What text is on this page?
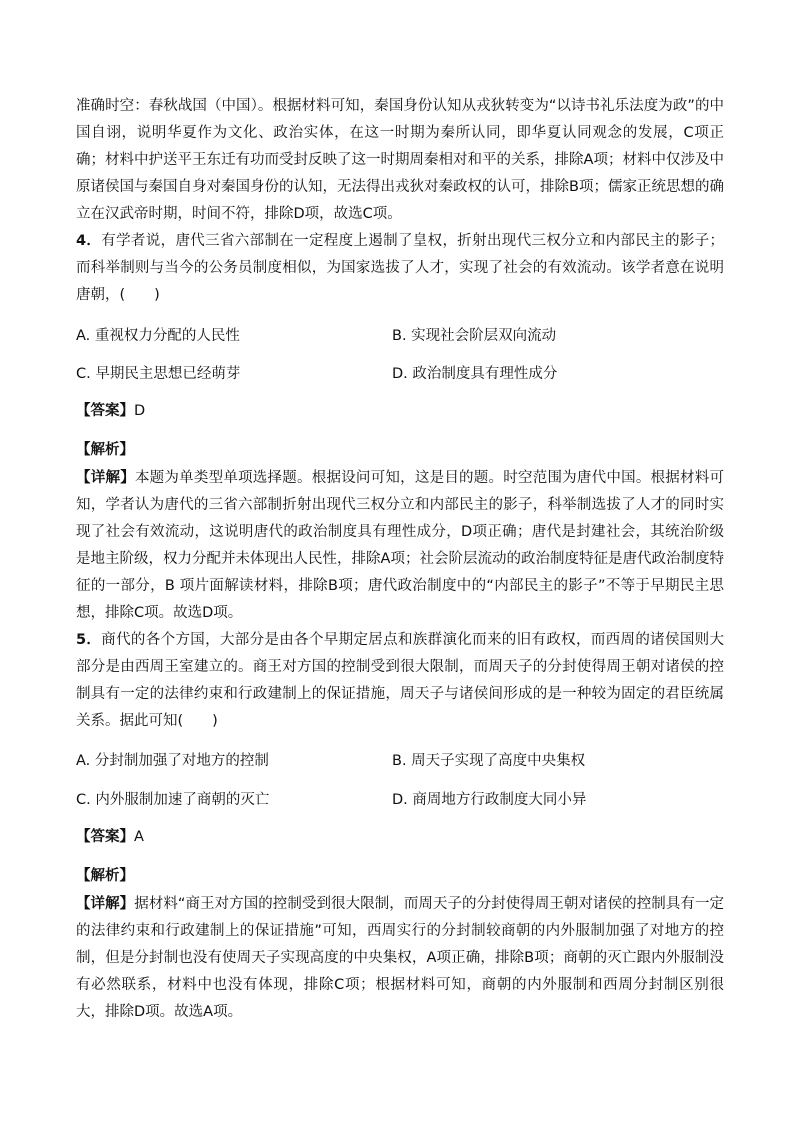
准确时空：春秋战国（中国）。根据材料可知，秦国身份认知从戎狄转变为“以诗书礼乐法度为政”的中国自诩，说明华夏作为文化、政治实体，在这一时期为秦所认同，即华夏认同观念的发展，C项正确；材料中护送平王东迁有功而受封反映了这一时期周秦相对和平的关系，排除A项；材料中仅涉及中原诸侯国与秦国自身对秦国身份的认知，无法得出戎狄对秦政权的认可，排除B项；儒家正统思想的确立在汉武帝时期，时间不符，排除D项，故选C项。

4．有学者说，唐代三省六部制在一定程度上遏制了皇权，折射出现代三权分立和内部民主的影子；而科举制则与当今的公务员制度相似，为国家选拔了人才，实现了社会的有效流动。该学者意在说明唐朝，(　　)

A. 重视权力分配的人民性	B. 实现社会阶层双向流动
C. 早期民主思想已经萌芽	D. 政治制度具有理性成分
【答案】D
【解析】

【详解】本题为单类型单项选择题。根据设问可知，这是目的题。时空范围为唐代中国。根据材料可知，学者认为唐代的三省六部制折射出现代三权分立和内部民主的影子，科举制选拔了人才的同时实现了社会有效流动，这说明唐代的政治制度具有理性成分，D项正确；唐代是封建社会，其统治阶级是地主阶级，权力分配并未体现出人民性，排除A项；社会阶层流动的政治制度特征是唐代政治制度特征的一部分，B 项片面解读材料，排除B项；唐代政治制度中的“内部民主的影子”不等于早期民主思想，排除C项。故选D项。

5．商代的各个方国，大部分是由各个早期定居点和族群演化而来的旧有政权，而西周的诸侯国则大部分是由西周王室建立的。商王对方国的控制受到很大限制，而周天子的分封使得周王朝对诸侯的控制具有一定的法律约束和行政建制上的保证措施，周天子与诸侯间形成的是一种较为固定的君臣统属关系。据此可知(　　)

A. 分封制加强了对地方的控制	B. 周天子实现了高度中央集权
C. 内外服制加速了商朝的灭亡	D. 商周地方行政制度大同小异
【答案】A
【解析】

【详解】据材料“商王对方国的控制受到很大限制，而周天子的分封使得周王朝对诸侯的控制具有一定的法律约束和行政建制上的保证措施”可知，西周实行的分封制较商朝的内外服制加强了对地方的控制，但是分封制也没有使周天子实现高度的中央集权，A项正确，排除B项；商朝的灭亡跟内外服制没有必然联系，材料中也没有体现，排除C项；根据材料可知，商朝的内外服制和西周分封制区别很大，排除D项。故选A项。
